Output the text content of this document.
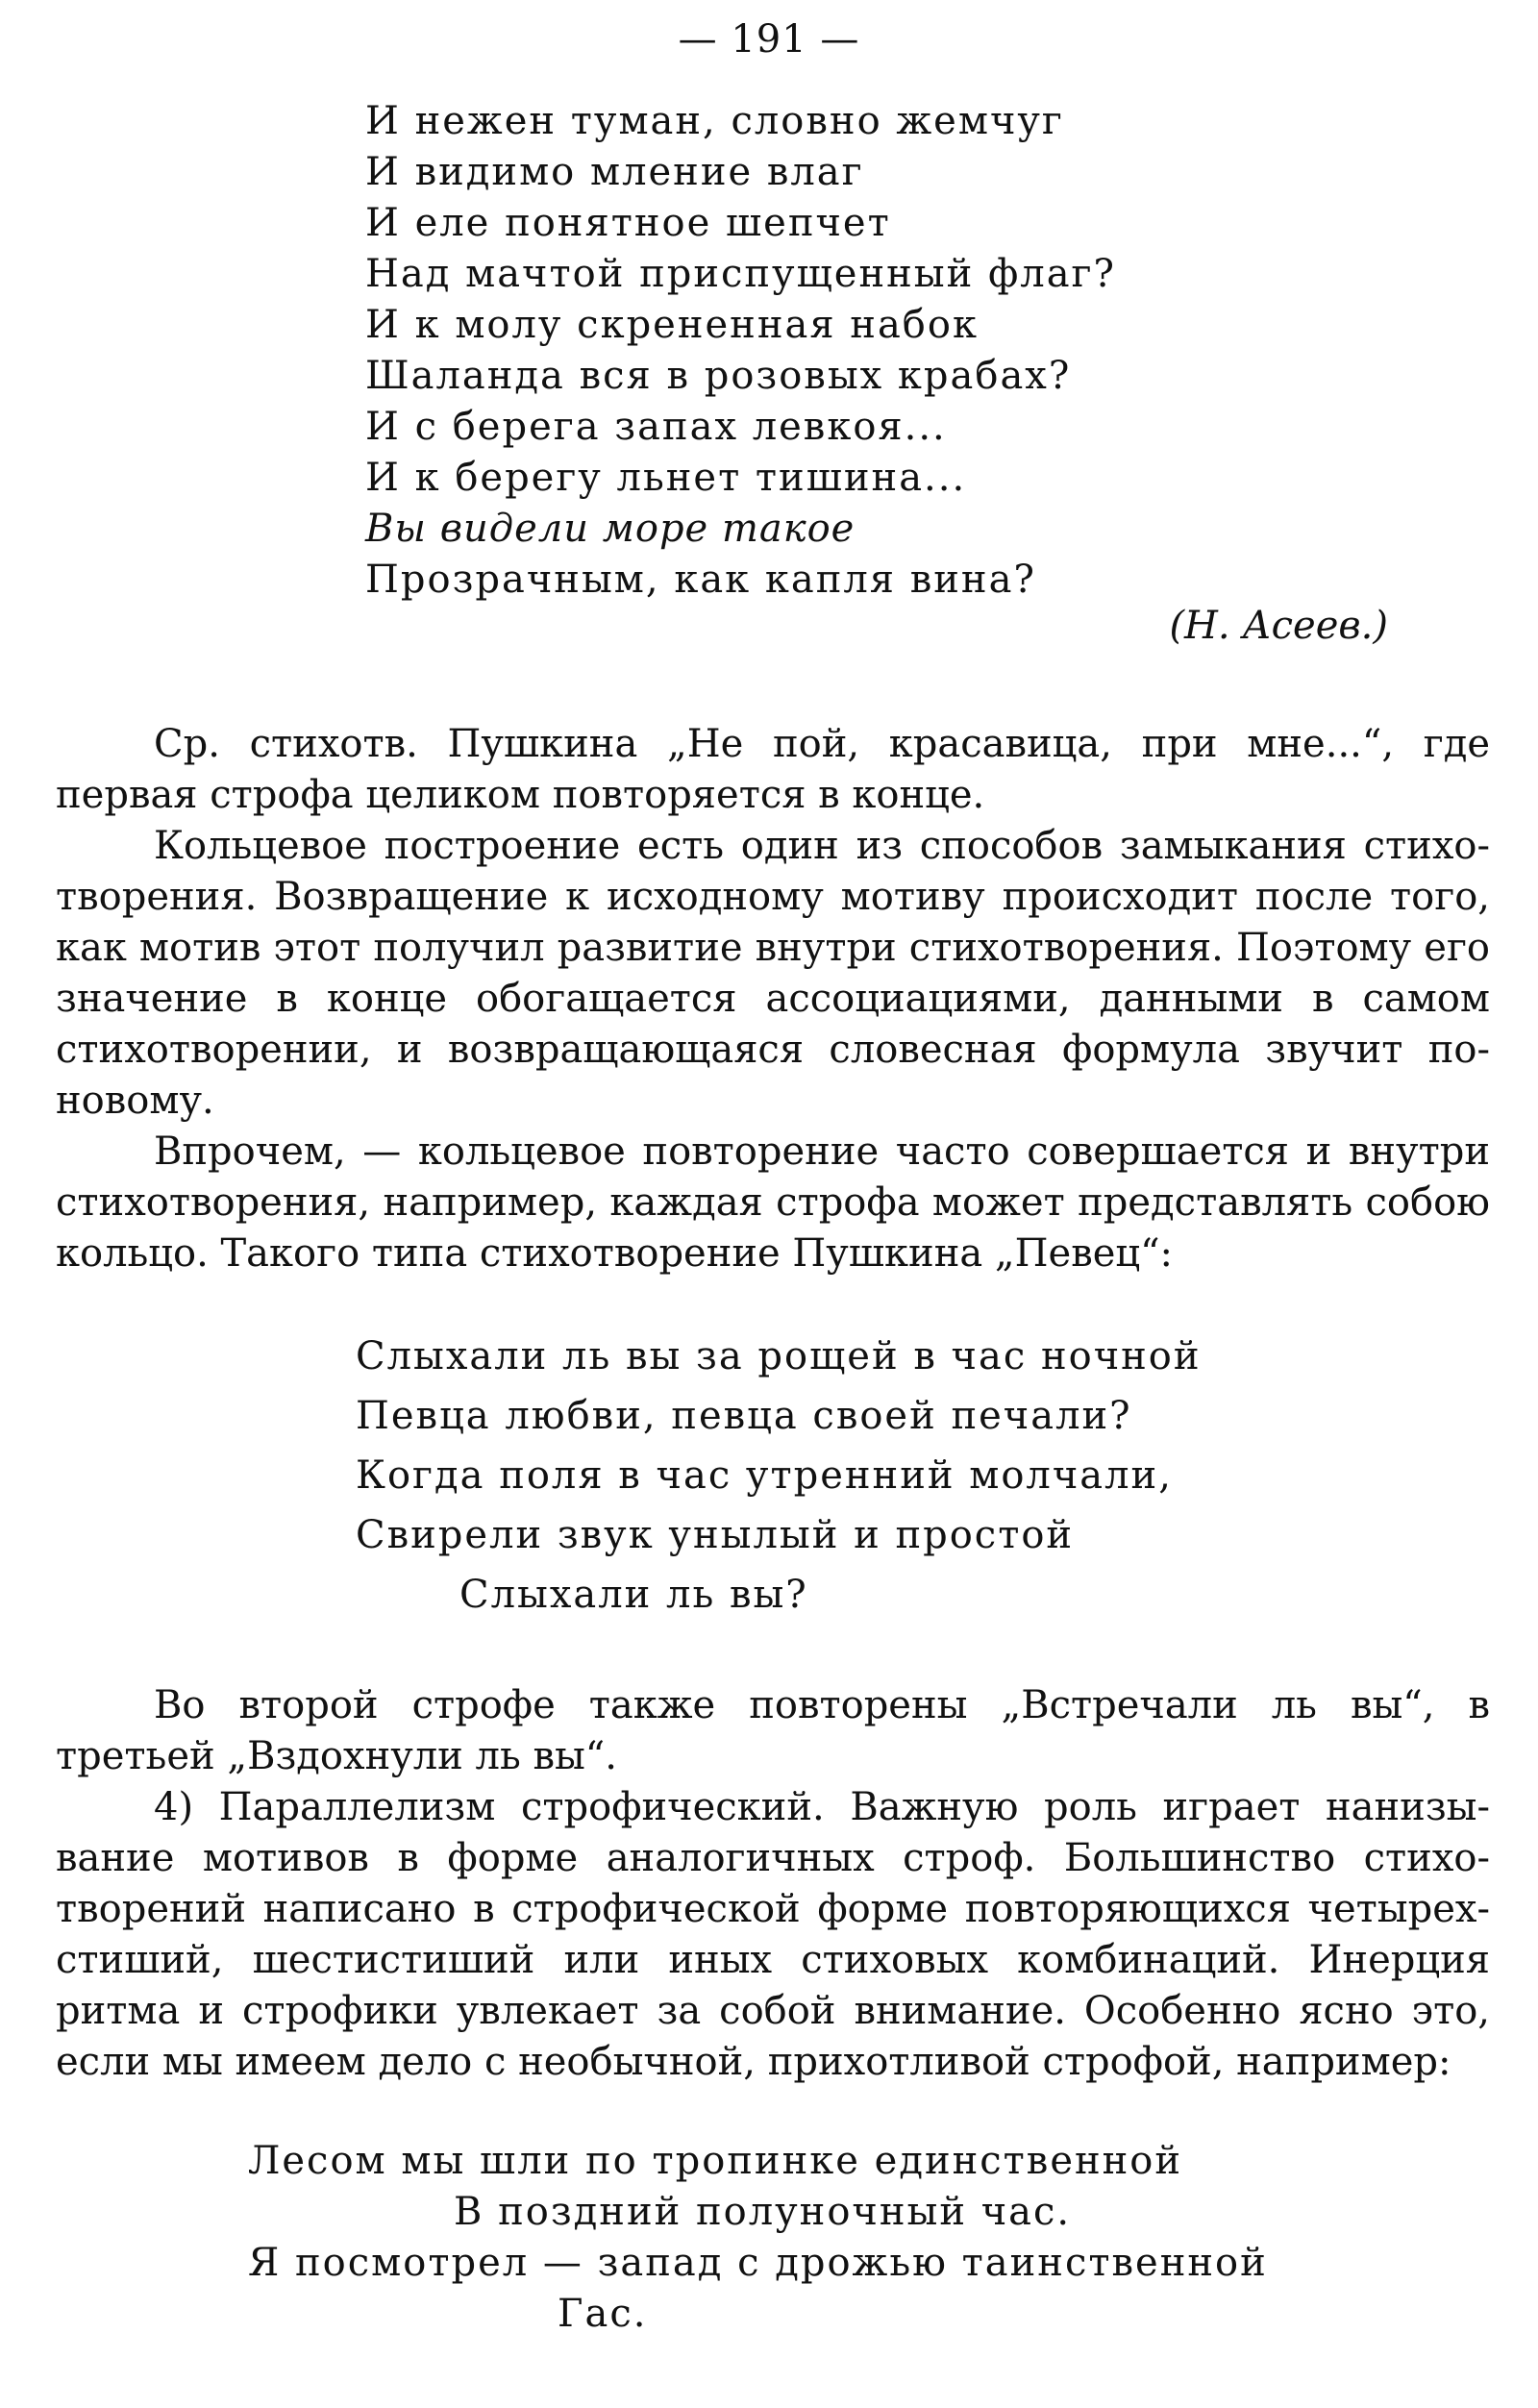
— 191 —
И нежен туман, словно жемчуг
И видимо мление влаг
И еле понятное шепчет
Над мачтой приспущенный флаг?
И к молу скрененная набок
Шаланда вся в розовых крабах?
И с берега запах левкоя...
И к берегу льнет тишина...
Вы видели море такое
Прозрачным, как капля вина?
(Н. Асеев.)

Ср. стихотв. Пушкина „Не пой, красавица, при мне...“, где первая строфа целиком повторяется в конце.

Кольцевое построение есть один из способов замыкания стихотворения. Возвращение к исходному мотиву происходит после того, как мотив этот получил развитие внутри стихотворения. Поэтому его значение в конце обогащается ассоциациями, данными в самом стихотворении, и возвращающаяся словесная формула звучит поновому.

Впрочем, — кольцевое повторение часто совершается и внутри стихотворения, например, каждая строфа может представлять собою кольцо. Такого типа стихотворение Пушкина „Певец“:

Слыхали ль вы за рощей в час ночной
Певца любви, певца своей печали?
Когда поля в час утренний молчали,
Свирели звук унылый и простой
Слыхали ль вы?

Во второй строфе также повторены „Встречали ль вы“, в третьей „Вздохнули ль вы“.

4) Параллелизм строфический. Важную роль играет нанизывание мотивов в форме аналогичных строф. Большинство стихотворений написано в строфической форме повторяющихся четырехстиший, шестистиший или иных стиховых комбинаций. Инерция ритма и строфики увлекает за собой внимание. Особенно ясно это, если мы имеем дело с необычной, прихотливой строфой, например:

Лесом мы шли по тропинке единственной
В поздний полуночный час.
Я посмотрел — запад с дрожью таинственной
Гас.
